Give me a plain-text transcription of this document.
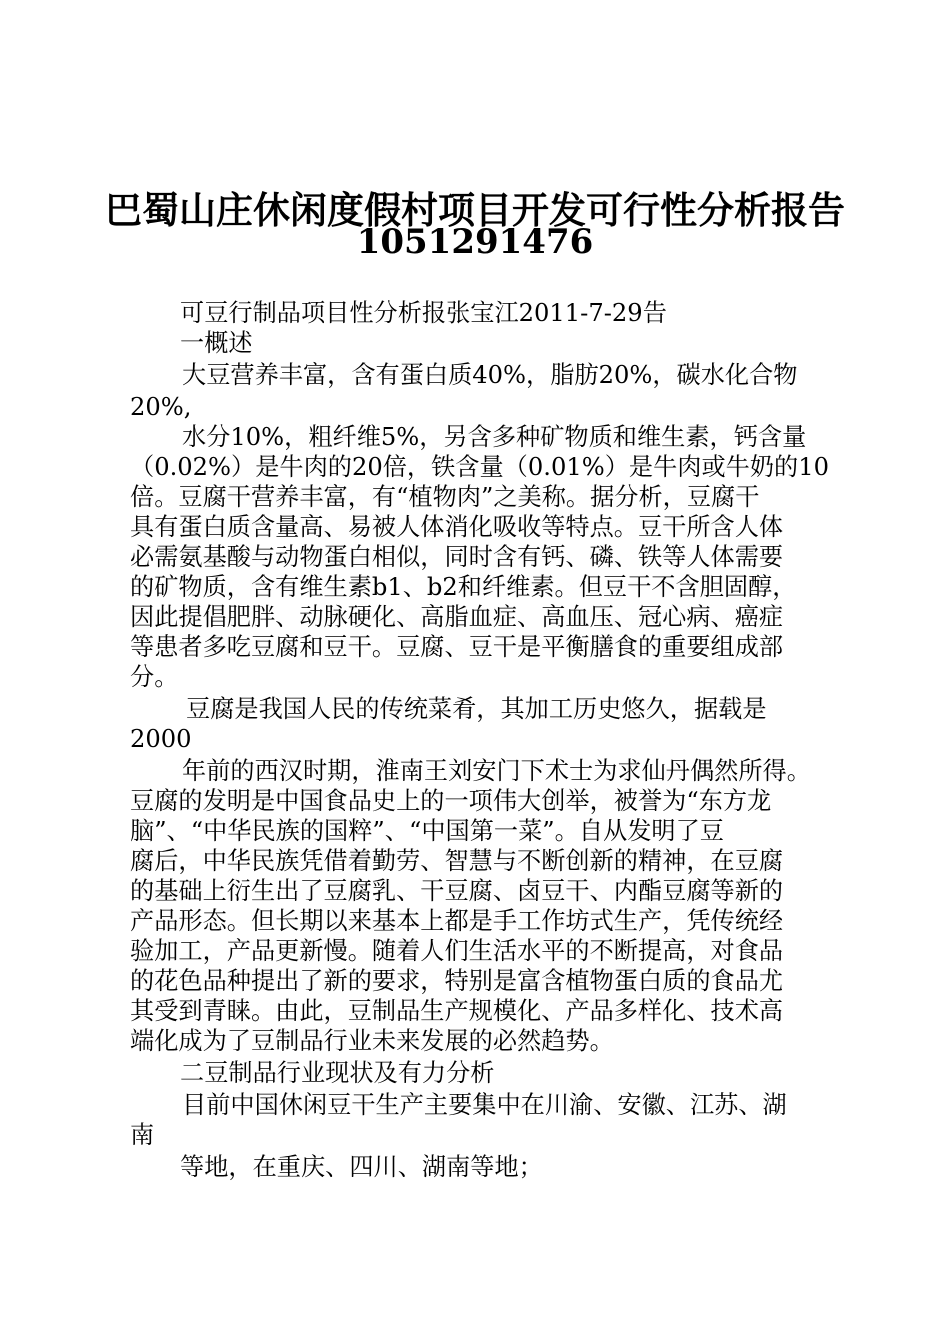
巴蜀山庄休闲度假村项目开发可行性分析报告
1051291476

可豆行制品项目性分析报张宝江2011-7-29告

一概述

大豆营养丰富，含有蛋白质40%，脂肪20%，碳水化合物

20%,

水分10%，粗纤维5%，另含多种矿物质和维生素，钙含量

（0.02%）是牛肉的20倍，铁含量（0.01%）是牛肉或牛奶的10

倍。豆腐干营养丰富，有“植物肉”之美称。据分析，豆腐干

具有蛋白质含量高、易被人体消化吸收等特点。豆干所含人体

必需氨基酸与动物蛋白相似，同时含有钙、磷、铁等人体需要

的矿物质，含有维生素b1、b2和纤维素。但豆干不含胆固醇，

因此提倡肥胖、动脉硬化、高脂血症、高血压、冠心病、癌症

等患者多吃豆腐和豆干。豆腐、豆干是平衡膳食的重要组成部

分。

豆腐是我国人民的传统菜肴，其加工历史悠久，据载是

2000

年前的西汉时期，淮南王刘安门下术士为求仙丹偶然所得。

豆腐的发明是中国食品史上的一项伟大创举，被誉为“东方龙

脑”、“中华民族的国粹”、“中国第一菜”。自从发明了豆

腐后，中华民族凭借着勤劳、智慧与不断创新的精神，在豆腐

的基础上衍生出了豆腐乳、干豆腐、卤豆干、内酯豆腐等新的

产品形态。但长期以来基本上都是手工作坊式生产，凭传统经

验加工，产品更新慢。随着人们生活水平的不断提高，对食品

的花色品种提出了新的要求，特别是富含植物蛋白质的食品尤

其受到青睐。由此，豆制品生产规模化、产品多样化、技术高

端化成为了豆制品行业未来发展的必然趋势。

二豆制品行业现状及有力分析

目前中国休闲豆干生产主要集中在川渝、安徽、江苏、湖

南

等地，在重庆、四川、湖南等地；
